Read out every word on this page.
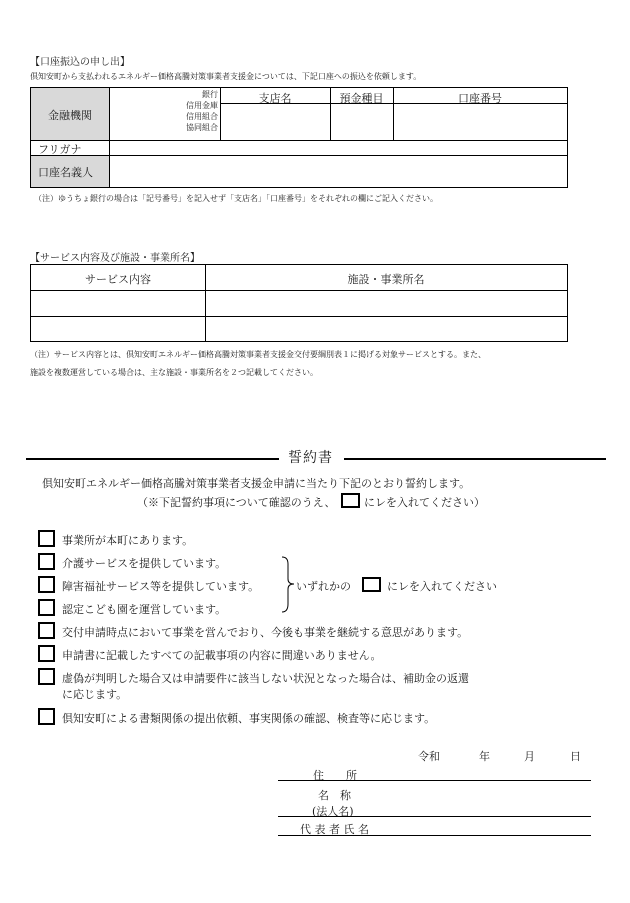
【口座振込の申し出】
倶知安町から支払われるエネルギー価格高騰対策事業者支援金については、下記口座への振込を依頼します。
金融機関
銀行
信用金庫
信用組合
協同組合
支店名	預金種目	口座番号
フリガナ
口座名義人
（注）ゆうちょ銀行の場合は「記号番号」を記入せず「支店名」「口座番号」をそれぞれの欄にご記入ください。
【サービス内容及び施設・事業所名】
サービス内容	施設・事業所名
（注）サービス内容とは、倶知安町エネルギー価格高騰対策事業者支援金交付要綱別表１に掲げる対象サービスとする。また、
施設を複数運営している場合は、主な施設・事業所名を２つ記載してください。
誓約書
倶知安町エネルギー価格高騰対策事業者支援金申請に当たり下記のとおり誓約します。
（※下記誓約事項について確認のうえ、	にレを入れてください）
事業所が本町にあります。
介護サービスを提供しています。
障害福祉サービス等を提供しています。
認定こども園を運営しています。
いずれかの	にレを入れてください
交付申請時点において事業を営んでおり、今後も事業を継続する意思があります。
申請書に記載したすべての記載事項の内容に間違いありません。
虚偽が判明した場合又は申請要件に該当しない状況となった場合は、補助金の返還
に応じます。
倶知安町による書類関係の提出依頼、事実関係の確認、検査等に応じます。
令和	年	月	日
住　　所
名　称
(法人名)
代 表 者 氏 名
